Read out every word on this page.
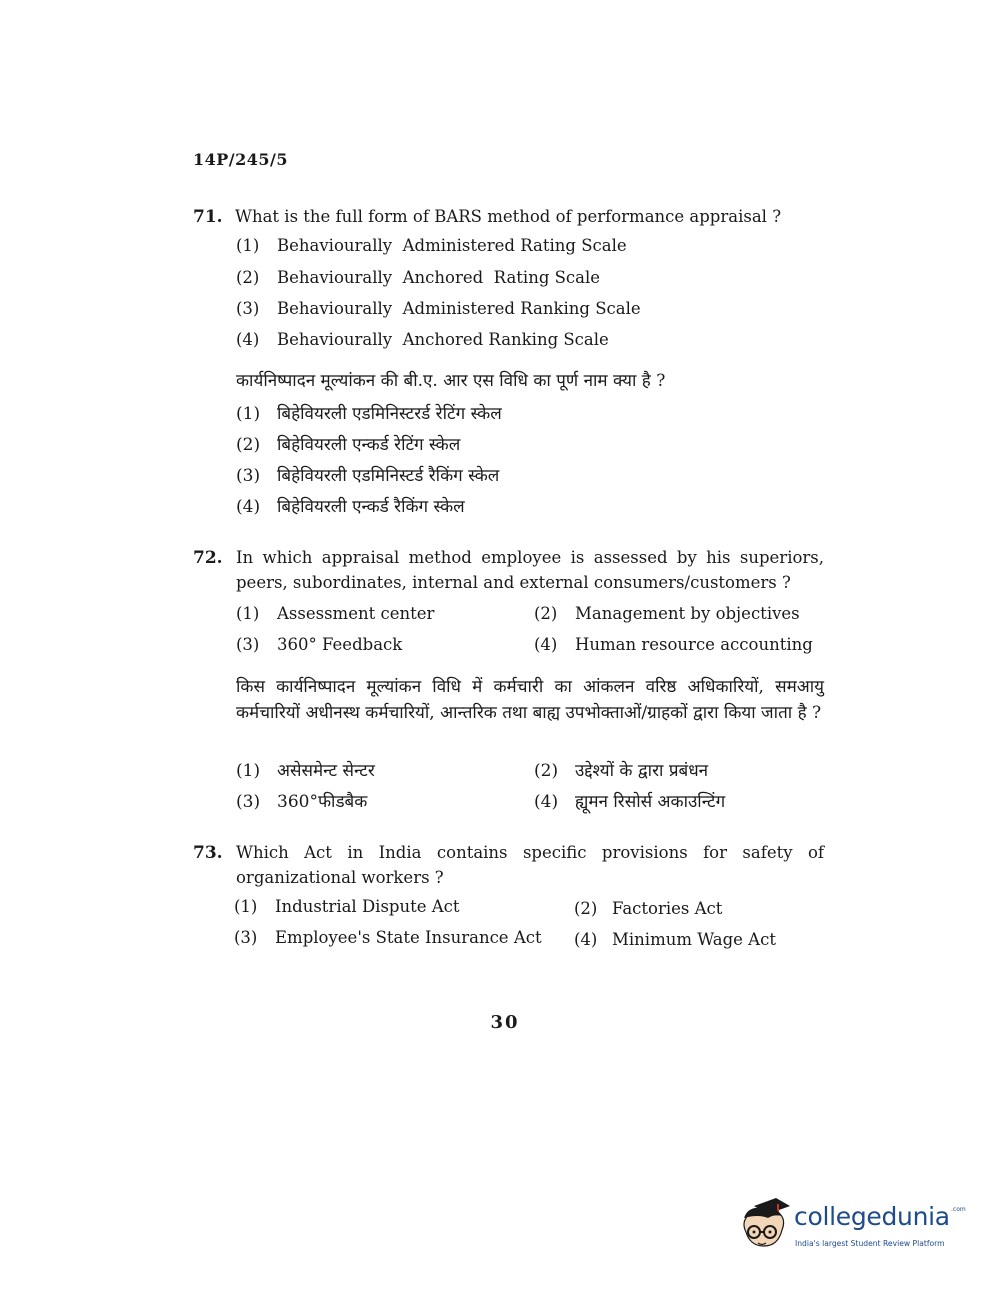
14P/245/5
71. What is the full form of BARS method of performance appraisal ?
(1) Behaviourally  Administered Rating Scale
(2) Behaviourally  Anchored  Rating Scale
(3) Behaviourally  Administered Ranking Scale
(4) Behaviourally  Anchored Ranking Scale
कार्यनिष्पादन मूल्यांकन की बी.ए. आर एस विधि का पूर्ण नाम क्या है ?
(1) बिहेवियरली एडमिनिस्टरर्ड रेटिंग स्केल
(2) बिहेवियरली एन्कर्ड रेटिंग स्केल
(3) बिहेवियरली एडमिनिस्टर्ड रैकिंग स्केल
(4) बिहेवियरली एन्कर्ड रैकिंग स्केल
72. In which appraisal method employee is assessed by his superiors, peers, subordinates, internal and external consumers/customers ?
(1) Assessment center	(2) Management by objectives
(3) 360° Feedback	(4) Human resource accounting
किस कार्यनिष्पादन मूल्यांकन विधि में कर्मचारी का आंकलन वरिष्ठ अधिकारियों, समआयु कर्मचारियों अधीनस्थ कर्मचारियों, आन्तरिक तथा बाह्य उपभोक्ताओं/ग्राहकों द्वारा किया जाता है ?
(1) असेसमेन्ट सेन्टर	(2) उद्देश्यों के द्वारा प्रबंधन
(3) 360°फीडबैक	(4) ह्यूमन रिसोर्स अकाउन्टिंग
73. Which Act in India contains specific provisions for safety of organizational workers ?
(1) Industrial Dispute Act	(2) Factories Act
(3) Employee's State Insurance Act (4) Minimum Wage Act
30
collegedunia .com
India's largest Student Review Platform
